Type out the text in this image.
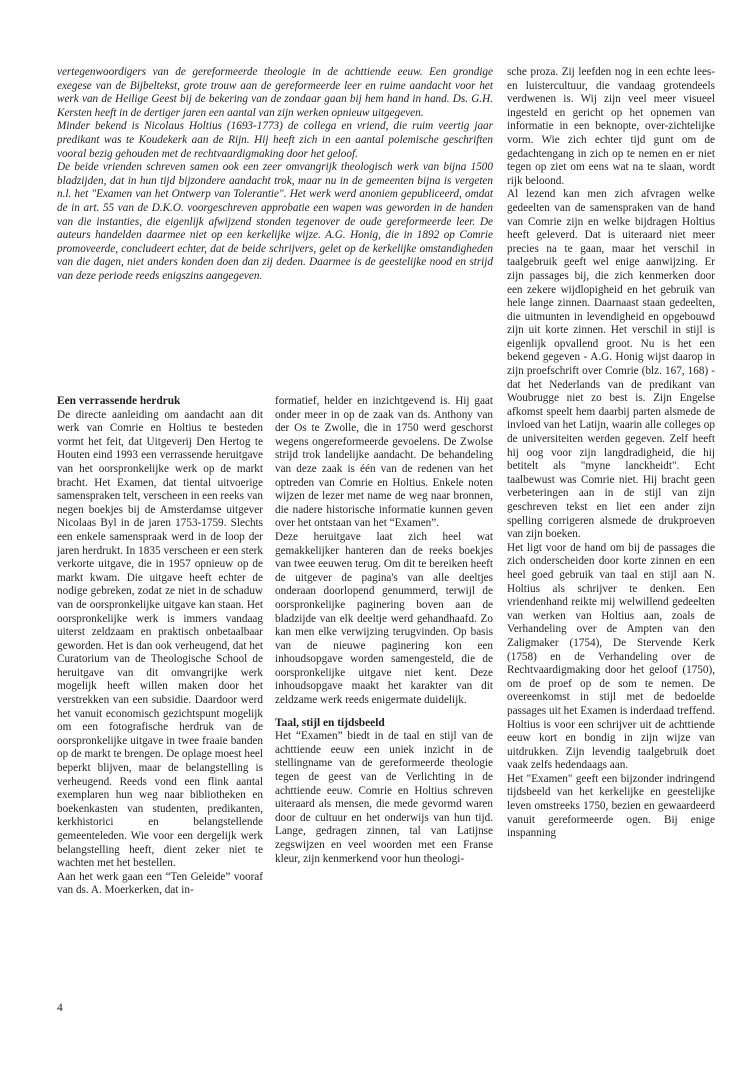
vertegenwoordigers van de gereformeerde theologie in de achttiende eeuw. Een grondige exegese van de Bijbeltekst, grote trouw aan de gereformeerde leer en ruime aandacht voor het werk van de Heilige Geest bij de bekering van de zondaar gaan bij hem hand in hand. Ds. G.H. Kersten heeft in de dertiger jaren een aantal van zijn werken opnieuw uitgegeven.

Minder bekend is Nicolaus Holtius (1693-1773) de collega en vriend, die ruim veertig jaar predikant was te Koudekerk aan de Rijn. Hij heeft zich in een aantal polemische geschriften vooral bezig gehouden met de rechtvaardigmaking door het geloof.

De beide vrienden schreven samen ook een zeer omvangrijk theologisch werk van bijna 1500 bladzijden, dat in hun tijd bijzondere aandacht trok, maar nu in de gemeenten bijna is vergeten n.l. het "Examen van het Ontwerp van Tolerantie". Het werk werd anoniem gepubliceerd, omdat de in art. 55 van de D.K.O. voorgeschreven approbatie een wapen was geworden in de handen van die instanties, die eigenlijk afwijzend stonden tegenover de oude gereformeerde leer. De auteurs handelden daarmee niet op een kerkelijke wijze. A.G. Honig, die in 1892 op Comrie promoveerde, concludeert echter, dat de beide schrijvers, gelet op de kerkelijke omstandigheden van die dagen, niet anders konden doen dan zij deden. Daarmee is de geestelijke nood en strijd van deze periode reeds enigszins aangegeven.

Een verrassende herdruk

De directe aanleiding om aandacht aan dit werk van Comrie en Holtius te besteden vormt het feit, dat Uitgeverij Den Hertog te Houten eind 1993 een verrassende heruitgave van het oorspronkelijke werk op de markt bracht. Het Examen, dat tiental uitvoerige samenspraken telt, verscheen in een reeks van negen boekjes bij de Amsterdamse uitgever Nicolaas Byl in de jaren 1753-1759. Slechts een enkele samenspraak werd in de loop der jaren herdrukt. In 1835 verscheen er een sterk verkorte uitgave, die in 1957 opnieuw op de markt kwam. Die uitgave heeft echter de nodige gebreken, zodat ze niet in de schaduw van de oorspronkelijke uitgave kan staan. Het oorspronkelijke werk is immers vandaag uiterst zeldzaam en praktisch onbetaalbaar geworden. Het is dan ook verheugend, dat het Curatorium van de Theologische School de heruitgave van dit omvangrijke werk mogelijk heeft willen maken door het verstrekken van een subsidie. Daardoor werd het vanuit economisch gezichtspunt mogelijk om een fotografische herdruk van de oorspronkelijke uitgave in twee fraaie banden op de markt te brengen. De oplage moest heel beperkt blijven, maar de belangstelling is verheugend. Reeds vond een flink aantal exemplaren hun weg naar bibliotheken en boekenkasten van studenten, predikanten, kerkhistorici en belangstellende gemeenteleden. Wie voor een dergelijk werk belangstelling heeft, dient zeker niet te wachten met het bestellen.

Aan het werk gaan een “Ten Geleide” vooraf van ds. A. Moerkerken, dat in-

formatief, helder en inzichtgevend is. Hij gaat onder meer in op de zaak van ds. Anthony van der Os te Zwolle, die in 1750 werd geschorst wegens ongereformeerde gevoelens. De Zwolse strijd trok landelijke aandacht. De behandeling van deze zaak is één van de redenen van het optreden van Comrie en Holtius. Enkele noten wijzen de lezer met name de weg naar bronnen, die nadere historische informatie kunnen geven over het ontstaan van het “Examen”.

Deze heruitgave laat zich heel wat gemakkelijker hanteren dan de reeks boekjes van twee eeuwen terug. Om dit te bereiken heeft de uitgever de pagina's van alle deeltjes onderaan doorlopend genummerd, terwijl de oorspronkelijke paginering boven aan de bladzijde van elk deeltje werd gehandhaafd. Zo kan men elke verwijzing terugvinden. Op basis van de nieuwe paginering kon een inhoudsopgave worden samengesteld, die de oorspronkelijke uitgave niet kent. Deze inhoudsopgave maakt het karakter van dit zeldzame werk reeds enigermate duidelijk.

Taal, stijl en tijdsbeeld

Het “Examen” biedt in de taal en stijl van de achttiende eeuw een uniek inzicht in de stellingname van de gereformeerde theologie tegen de geest van de Verlichting in de achttiende eeuw. Comrie en Holtius schreven uiteraard als mensen, die mede gevormd waren door de cultuur en het onderwijs van hun tijd. Lange, gedragen zinnen, tal van Latijnse zegswijzen en veel woorden met een Franse kleur, zijn kenmerkend voor hun theologi-

sche proza. Zij leefden nog in een echte lees- en luistercultuur, die vandaag grotendeels verdwenen is. Wij zijn veel meer visueel ingesteld en gericht op het opnemen van informatie in een beknopte, over-zichtelijke vorm. Wie zich echter tijd gunt om de gedachtengang in zich op te nemen en er niet tegen op ziet om eens wat na te slaan, wordt rijk beloond.

Al lezend kan men zich afvragen welke gedeelten van de samenspraken van de hand van Comrie zijn en welke bijdragen Holtius heeft geleverd. Dat is uiteraard niet meer precies na te gaan, maar het verschil in taalgebruik geeft wel enige aanwijzing. Er zijn passages bij, die zich kenmerken door een zekere wijdlopigheid en het gebruik van hele lange zinnen. Daarnaast staan gedeelten, die uitmunten in levendigheid en opgebouwd zijn uit korte zinnen. Het verschil in stijl is eigenlijk opvallend groot. Nu is het een bekend gegeven - A.G. Honig wijst daarop in zijn proefschrift over Comrie (blz. 167, 168) - dat het Nederlands van de predikant van Woubrugge niet zo best is. Zijn Engelse afkomst speelt hem daarbij parten alsmede de invloed van het Latijn, waarin alle colleges op de universiteiten werden gegeven. Zelf heeft hij oog voor zijn langdradigheid, die hij betitelt als "myne lanckheidt". Echt taalbewust was Comrie niet. Hij bracht geen verbeteringen aan in de stijl van zijn geschreven tekst en liet een ander zijn spelling corrigeren alsmede de drukproeven van zijn boeken.

Het ligt voor de hand om bij de passages die zich onderscheiden door korte zinnen en een heel goed gebruik van taal en stijl aan N. Holtius als schrijver te denken. Een vriendenhand reikte mij welwillend gedeelten van werken van Holtius aan, zoals de Verhandeling over de Ampten van den Zaligmaker (1754), De Stervende Kerk (1758) en de Verhandeling over de Rechtvaardigmaking door het geloof (1750), om de proef op de som te nemen. De overeenkomst in stijl met de bedoelde passages uit het Examen is inderdaad treffend. Holtius is voor een schrijver uit de achttiende eeuw kort en bondig in zijn wijze van uitdrukken. Zijn levendig taalgebruik doet vaak zelfs hedendaags aan.

Het "Examen" geeft een bijzonder indringend tijdsbeeld van het kerkelijke en geestelijke leven omstreeks 1750, bezien en gewaardeerd vanuit gereformeerde ogen. Bij enige inspanning

4
